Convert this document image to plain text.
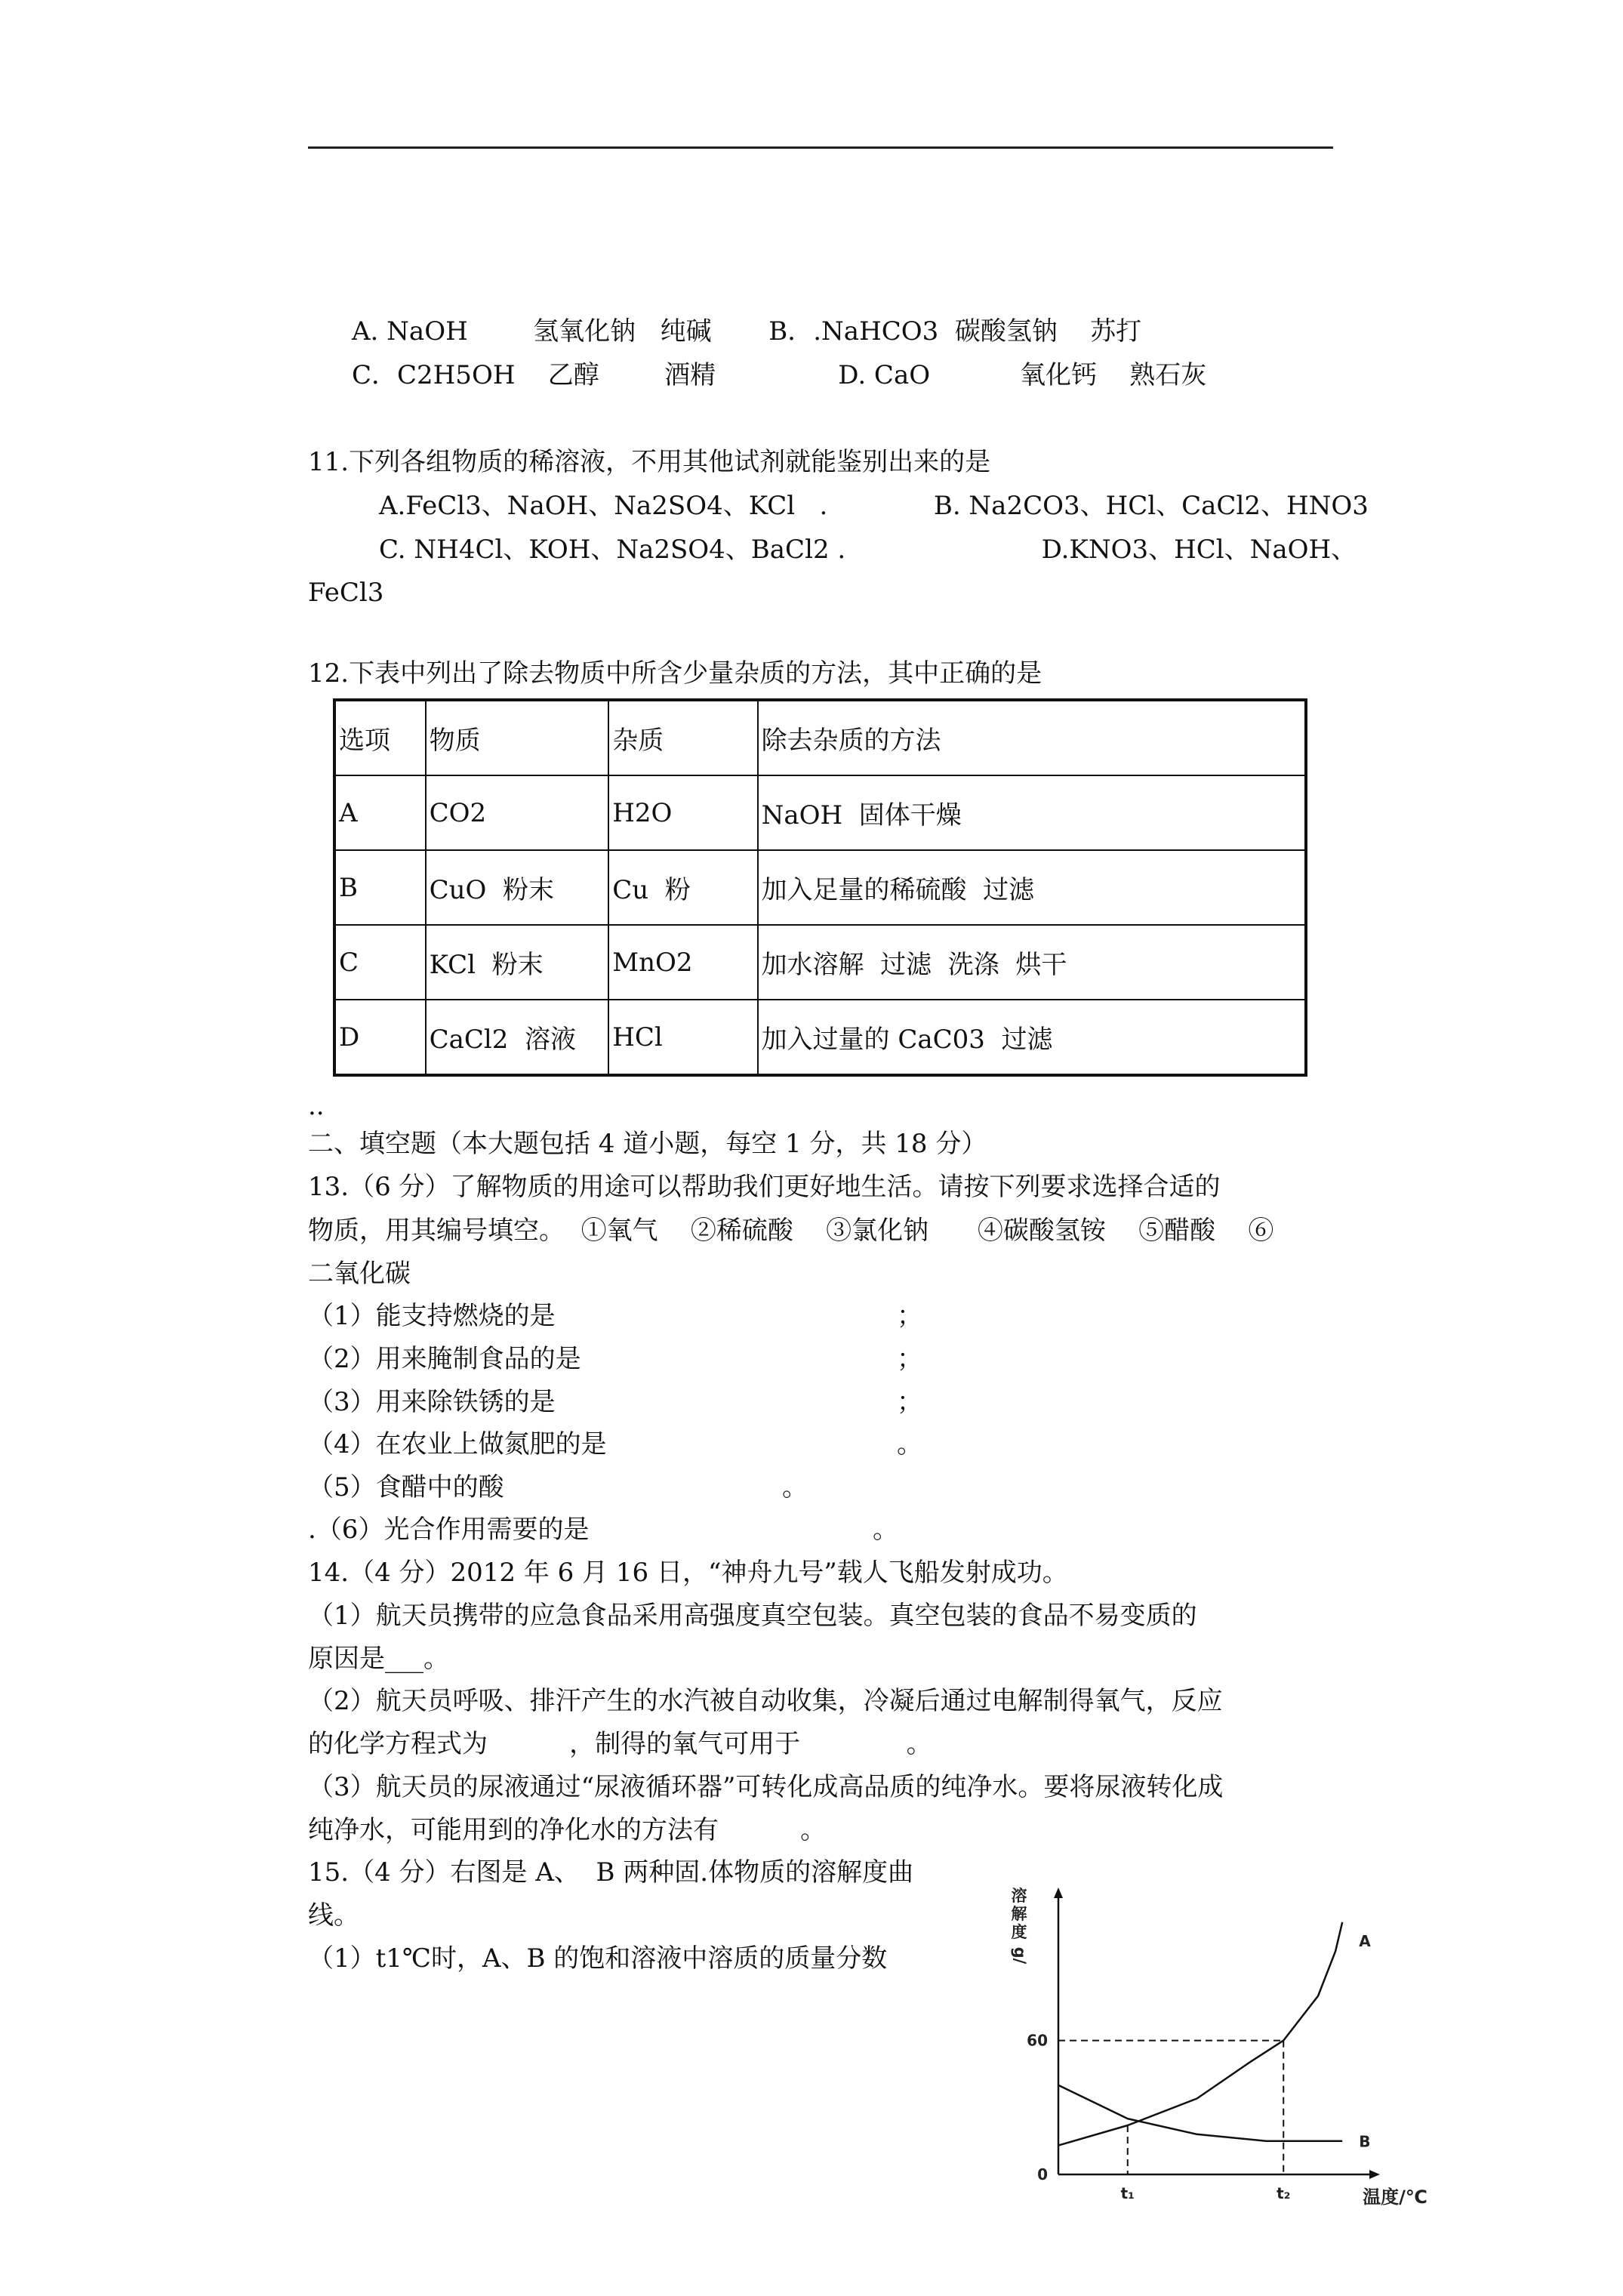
A. NaOH        氢氧化钠   纯碱       B．.NaHCO3  碳酸氢钠    苏打
C．C2H5OH    乙醇        酒精               D. CaO           氧化钙    熟石灰
11.下列各组物质的稀溶液，不用其他试剂就能鉴别出来的是
A.FeCl3、NaOH、Na2SO4、KCl   .             B. Na2CO3、HCl、CaCl2、HNO3
C. NH4Cl、KOH、Na2SO4、BaCl2 .                        D.KNO3、HCl、NaOH、
FeCl3
12.下表中列出了除去物质中所含少量杂质的方法，其中正确的是
选项	物质	杂质	除去杂质的方法
A	CO2	H2O	NaOH  固体干燥
B	CuO  粉末	Cu  粉	加入足量的稀硫酸  过滤
C	KCl  粉末	MnO2	加水溶解  过滤  洗涤  烘干
D	CaCl2  溶液	HCl	加入过量的 CaC03  过滤
..
二、填空题（本大题包括 4 道小题，每空 1 分，共 18 分）
13.（6 分）了解物质的用途可以帮助我们更好地生活。请按下列要求选择合适的
物质，用其编号填空。  ①氧气    ②稀硫酸    ③氯化钠      ④碳酸氢铵    ⑤醋酸    ⑥
二氧化碳
（1）能支持燃烧的是	；
（2）用来腌制食品的是	；
（3）用来除铁锈的是	；
（4）在农业上做氮肥的是	。
（5）食醋中的酸	。
.（6）光合作用需要的是	。
14.（4 分）2012 年 6 月 16 日，“神舟九号”载人飞船发射成功。
（1）航天员携带的应急食品采用高强度真空包装。真空包装的食品不易变质的
原因是___。
（2）航天员呼吸、排汗产生的水汽被自动收集，冷凝后通过电解制得氧气，反应
的化学方程式为          ，制得的氧气可用于             。
（3）航天员的尿液通过“尿液循环器”可转化成高品质的纯净水。要将尿液转化成
纯净水，可能用到的净化水的方法有          。
15.（4 分）右图是 A、  B 两种固.体物质的溶解度曲
线。
（1）t1℃时，A、B 的饱和溶液中溶质的质量分数
0
60
t₁	t₂
A
B
溶
解
度
g/
温度/℃
